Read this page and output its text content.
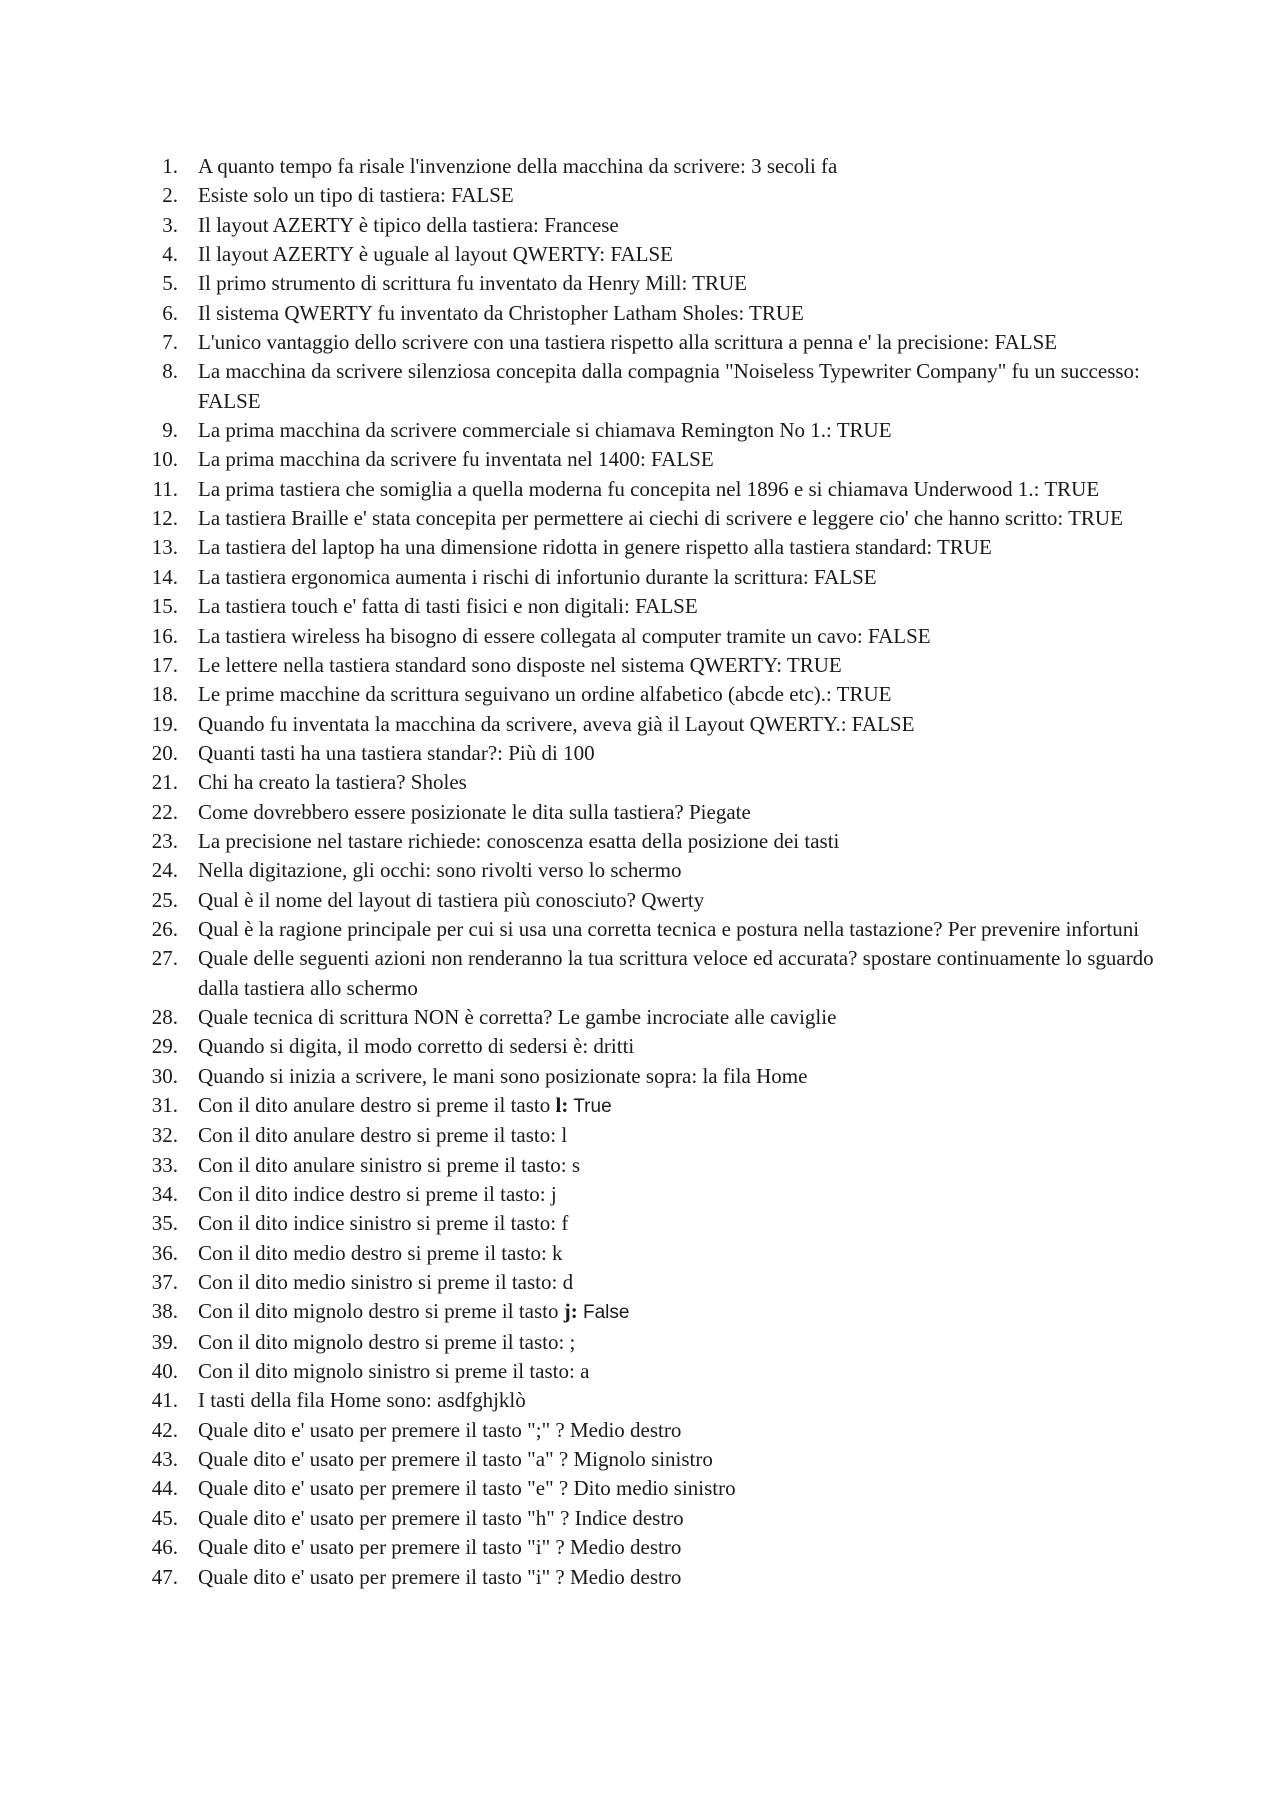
1. A quanto tempo fa risale l'invenzione della macchina da scrivere: 3 secoli fa
2. Esiste solo un tipo di tastiera: FALSE
3. Il layout AZERTY è tipico della tastiera: Francese
4. Il layout AZERTY è uguale al layout QWERTY: FALSE
5. Il primo strumento di scrittura fu inventato da Henry Mill: TRUE
6. Il sistema QWERTY fu inventato da Christopher Latham Sholes: TRUE
7. L'unico vantaggio dello scrivere con una tastiera rispetto alla scrittura a penna e' la precisione: FALSE
8. La macchina da scrivere silenziosa concepita dalla compagnia "Noiseless Typewriter Company" fu un successo: FALSE
9. La prima macchina da scrivere commerciale si chiamava Remington No 1.: TRUE
10. La prima macchina da scrivere fu inventata nel 1400: FALSE
11. La prima tastiera che somiglia a quella moderna fu concepita nel 1896 e si chiamava Underwood 1.: TRUE
12. La tastiera Braille e' stata concepita per permettere ai ciechi di scrivere e leggere cio' che hanno scritto: TRUE
13. La tastiera del laptop ha una dimensione ridotta in genere rispetto alla tastiera standard: TRUE
14. La tastiera ergonomica aumenta i rischi di infortunio durante la scrittura: FALSE
15. La tastiera touch e' fatta di tasti fisici e non digitali: FALSE
16. La tastiera wireless ha bisogno di essere collegata al computer tramite un cavo: FALSE
17. Le lettere nella tastiera standard sono disposte nel sistema QWERTY: TRUE
18. Le prime macchine da scrittura seguivano un ordine alfabetico (abcde etc).: TRUE
19. Quando fu inventata la macchina da scrivere, aveva già il Layout QWERTY.: FALSE
20. Quanti tasti ha una tastiera standar?: Più di 100
21. Chi ha creato la tastiera? Sholes
22. Come dovrebbero essere posizionate le dita sulla tastiera? Piegate
23. La precisione nel tastare richiede: conoscenza esatta della posizione dei tasti
24. Nella digitazione, gli occhi: sono rivolti verso lo schermo
25. Qual è il nome del layout di tastiera più conosciuto? Qwerty
26. Qual è la ragione principale per cui si usa una corretta tecnica e postura nella tastazione? Per prevenire infortuni
27. Quale delle seguenti azioni non renderanno la tua scrittura veloce ed accurata? spostare continuamente lo sguardo dalla tastiera allo schermo
28. Quale tecnica di scrittura NON è corretta? Le gambe incrociate alle caviglie
29. Quando si digita, il modo corretto di sedersi è: dritti
30. Quando si inizia a scrivere, le mani sono posizionate sopra: la fila Home
31. Con il dito anulare destro si preme il tasto l: True
32. Con il dito anulare destro si preme il tasto: l
33. Con il dito anulare sinistro si preme il tasto: s
34. Con il dito indice destro si preme il tasto: j
35. Con il dito indice sinistro si preme il tasto: f
36. Con il dito medio destro si preme il tasto: k
37. Con il dito medio sinistro si preme il tasto: d
38. Con il dito mignolo destro si preme il tasto j: False
39. Con il dito mignolo destro si preme il tasto: ;
40. Con il dito mignolo sinistro si preme il tasto: a
41. I tasti della fila Home sono: asdfghjklò
42. Quale dito e' usato per premere il tasto ";" ? Medio destro
43. Quale dito e' usato per premere il tasto "a" ? Mignolo sinistro
44. Quale dito e' usato per premere il tasto "e" ? Dito medio sinistro
45. Quale dito e' usato per premere il tasto "h" ? Indice destro
46. Quale dito e' usato per premere il tasto "i" ? Medio destro
47. Quale dito e' usato per premere il tasto "i" ? Medio destro
